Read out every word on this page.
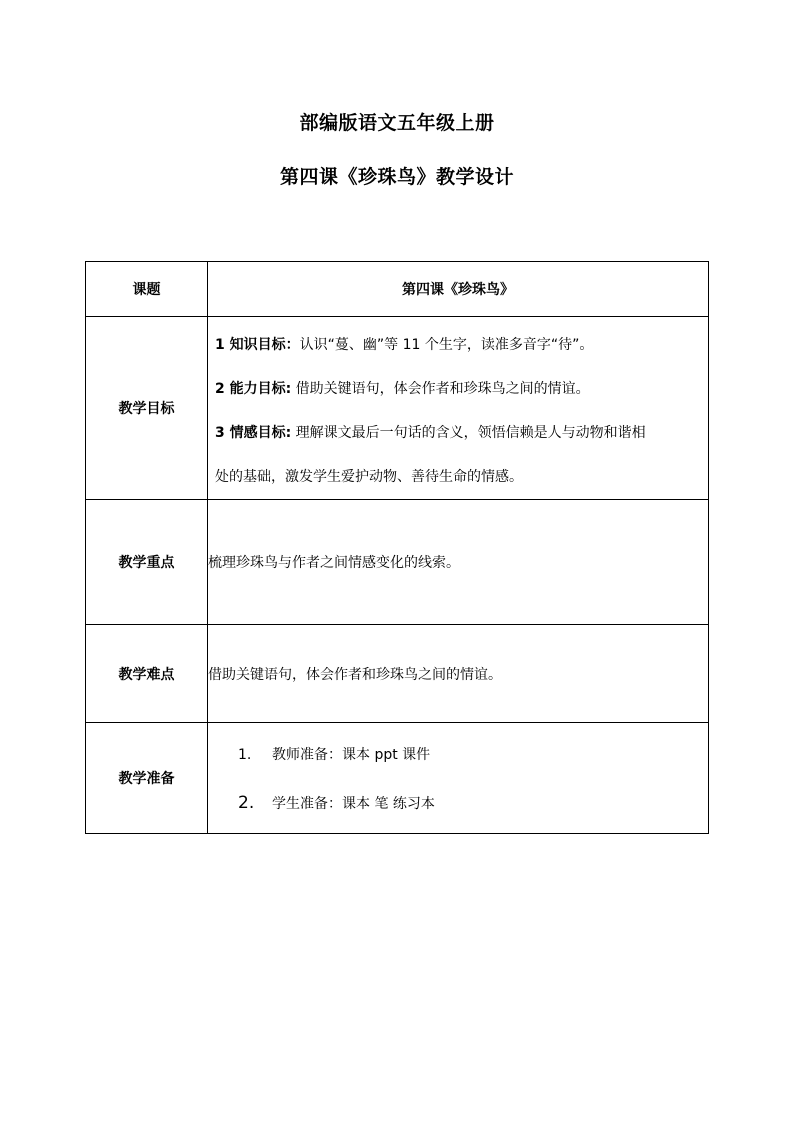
部编版语文五年级上册
第四课《珍珠鸟》教学设计
课题	第四课《珍珠鸟》
教学目标	1 知识目标：认识“蔓、幽”等 11 个生字，读准多音字“待”。
2 能力目标: 借助关键语句，体会作者和珍珠鸟之间的情谊。
3 情感目标: 理解课文最后一句话的含义，领悟信赖是人与动物和谐相
处的基础，激发学生爱护动物、善待生命的情感。

教学重点	梳理珍珠鸟与作者之间情感变化的线索。
教学难点	借助关键语句，体会作者和珍珠鸟之间的情谊。
教学准备	1. 教师准备：课本 ppt 课件
2. 学生准备：课本 笔 练习本
